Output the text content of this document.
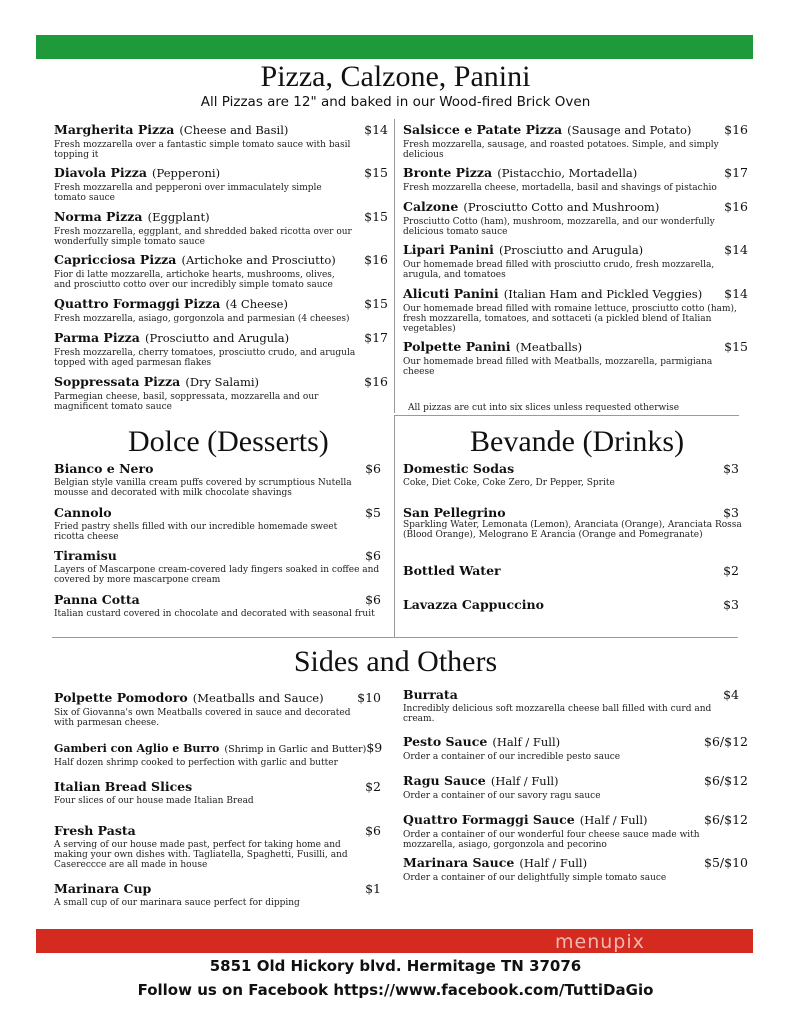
Pizza, Calzone, Panini
All Pizzas are 12" and baked in our Wood-fired Brick Oven
Margherita Pizza (Cheese and Basil)	$14
Fresh mozzarella over a fantastic simple tomato sauce with basil topping it
Diavola Pizza (Pepperoni)	$15
Fresh mozzarella and pepperoni over immaculately simple tomato sauce
Norma Pizza (Eggplant)	$15
Fresh mozzarella, eggplant, and shredded baked ricotta over our wonderfully simple tomato sauce
Capricciosa Pizza (Artichoke and Prosciutto) $16
Fior di latte mozzarella, artichoke hearts, mushrooms, olives, and prosciutto cotto over our incredibly simple tomato sauce
Quattro Formaggi Pizza (4 Cheese)	$15
Fresh mozzarella, asiago, gorgonzola and parmesian (4 cheeses)
Parma Pizza (Prosciutto and Arugula)	$17
Fresh mozzarella, cherry tomatoes, prosciutto crudo, and arugula topped with aged parmesan flakes
Soppressata Pizza (Dry Salami)	$16
Parmegian cheese, basil, soppressata, mozzarella and our magnificent tomato sauce
Salsicce e Patate Pizza (Sausage and Potato)	$16
Fresh mozzarella, sausage, and roasted potatoes. Simple, and simply delicious
Bronte Pizza (Pistacchio, Mortadella)	$17
Fresh mozzarella cheese, mortadella, basil and shavings of pistachio
Calzone (Prosciutto Cotto and Mushroom)	$16
Prosciutto Cotto (ham), mushroom, mozzarella, and our wonderfully delicious tomato sauce
Lipari Panini (Prosciutto and Arugula)	$14
Our homemade bread filled with prosciutto crudo, fresh mozzarella, arugula, and tomatoes
Alicuti Panini (Italian Ham and Pickled Veggies) $14
Our homemade bread filled with romaine lettuce, prosciutto cotto (ham), fresh mozzarella, tomatoes, and sottaceti (a pickled blend of Italian vegetables)
Polpette Panini (Meatballs)	$15
Our homemade bread filled with Meatballs, mozzarella, parmigiana cheese
All pizzas are cut into six slices unless requested otherwise
Dolce (Desserts)
Bianco e Nero	$6
Belgian style vanilla cream puffs covered by scrumptious Nutella mousse and decorated with milk chocolate shavings
Cannolo	$5
Fried pastry shells filled with our incredible homemade sweet ricotta cheese
Tiramisu	$6
Layers of Mascarpone cream-covered lady fingers soaked in coffee and covered by more mascarpone cream
Panna Cotta	$6
Italian custard covered in chocolate and decorated with seasonal fruit
Bevande (Drinks)
Domestic Sodas	$3
Coke, Diet Coke, Coke Zero, Dr Pepper, Sprite
San Pellegrino	$3
Sparkling Water, Lemonata (Lemon), Aranciata (Orange), Aranciata Rossa (Blood Orange), Melograno E Arancia (Orange and Pomegranate)
Bottled Water	$2
Lavazza Cappuccino	$3
Sides and Others
Polpette Pomodoro (Meatballs and Sauce)	$10
Six of Giovanna's own Meatballs covered in sauce and decorated with parmesan cheese.
Gamberi con Aglio e Burro (Shrimp in Garlic and Butter) $9
Half dozen shrimp cooked to perfection with garlic and butter
Italian Bread Slices	$2
Four slices of our house made Italian Bread
Fresh Pasta	$6
A serving of our house made past, perfect for taking home and making your own dishes with. Tagliatella, Spaghetti, Fusilli, and Casereccce are all made in house
Marinara Cup	$1
A small cup of our marinara sauce perfect for dipping
Burrata	$4
Incredibly delicious soft mozzarella cheese ball filled with curd and cream.
Pesto Sauce (Half / Full)	$6/$12
Order a container of our incredible pesto sauce
Ragu Sauce (Half / Full)	$6/$12
Order a container of our savory ragu sauce
Quattro Formaggi Sauce (Half / Full)	$6/$12
Order a container of our wonderful four cheese sauce made with mozzarella, asiago, gorgonzola and pecorino
Marinara Sauce (Half / Full)	$5/$10
Order a container of our delightfully simple tomato sauce
menupix
5851 Old Hickory blvd. Hermitage TN 37076
Follow us on Facebook https://www.facebook.com/TuttiDaGio
